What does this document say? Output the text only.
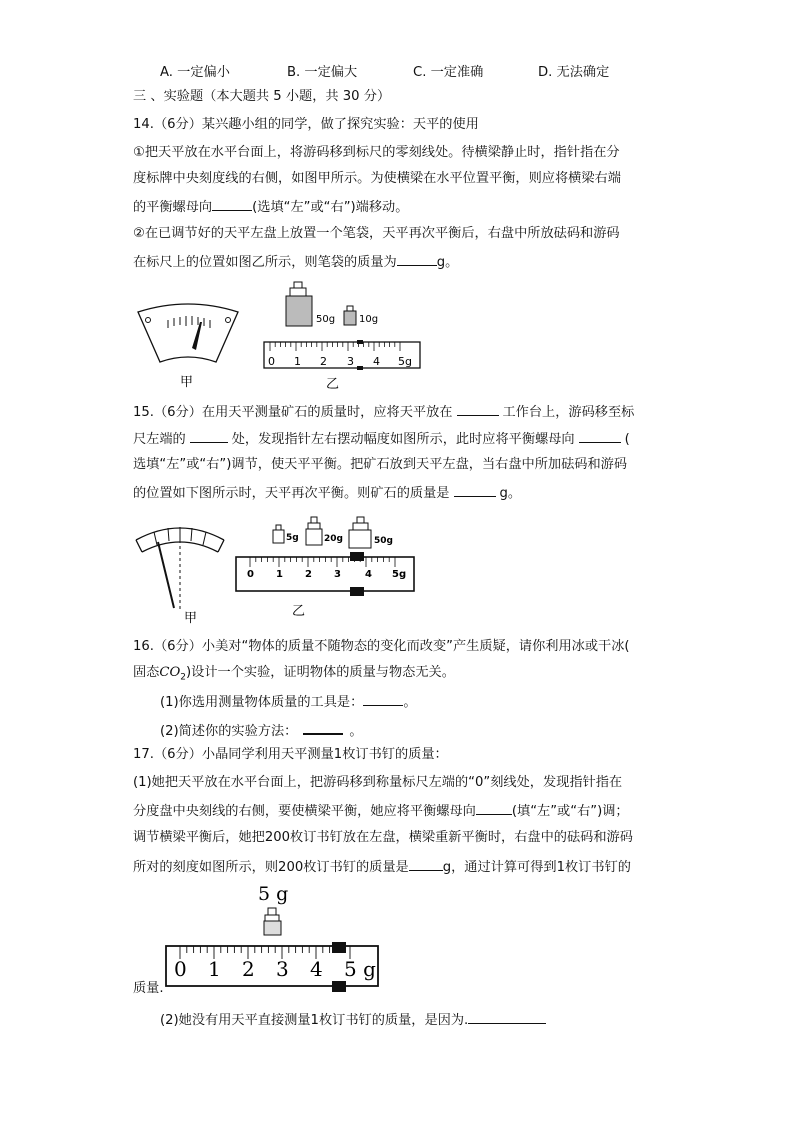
A. 一定偏小	B. 一定偏大	C. 一定准确	D. 无法确定
三 、实验题（本大题共 5 小题，共 30 分）
14.（6分）某兴趣小组的同学，做了探究实验：天平的使用
①把天平放在水平台面上，将游码移到标尺的零刻线处。待横梁静止时，指针指在分
度标牌中央刻度线的右侧，如图甲所示。为使横梁在水平位置平衡，则应将横梁右端
的平衡螺母向	(选填“左”或“右”)端移动。
②在已调节好的天平左盘上放置一个笔袋，天平再次平衡后，右盘中所放砝码和游码
在标尺上的位置如图乙所示，则笔袋的质量为	g。
甲
50g 10g
0 1 2 3 4 5g
乙
15.（6分）在用天平测量矿石的质量时，应将天平放在	工作台上，游码移至标
尺左端的	处，发现指针左右摆动幅度如图所示，此时应将平衡螺母向	(
选填“左”或“右”)调节，使天平平衡。把矿石放到天平左盘，当右盘中所加砝码和游码
的位置如下图所示时，天平再次平衡。则矿石的质量是	g。
甲
5g	20g	50g
0 1 2 3 4 5g
乙
16.（6分）小美对“物体的质量不随物态的变化而改变”产生质疑，请你利用冰或干冰(
固态$CO_2$)设计一个实验，证明物体的质量与物态无关。
(1)你选用测量物体质量的工具是：	。
(2)简述你的实验方法：	。
17.（6分）小晶同学利用天平测量1枚订书钉的质量：
(1)她把天平放在水平台面上，把游码移到称量标尺左端的“0”刻线处，发现指针指在
分度盘中央刻线的右侧，要使横梁平衡，她应将平衡螺母向	(填“左”或“右”)调；
调节横梁平衡后，她把200枚订书钉放在左盘，横梁重新平衡时，右盘中的砝码和游码
所对的刻度如图所示，则200枚订书钉的质量是	g，通过计算可得到1枚订书钉的
5 g
0 1 2 3 4 5 g
质量.
(2)她没有用天平直接测量1枚订书钉的质量，是因为.
